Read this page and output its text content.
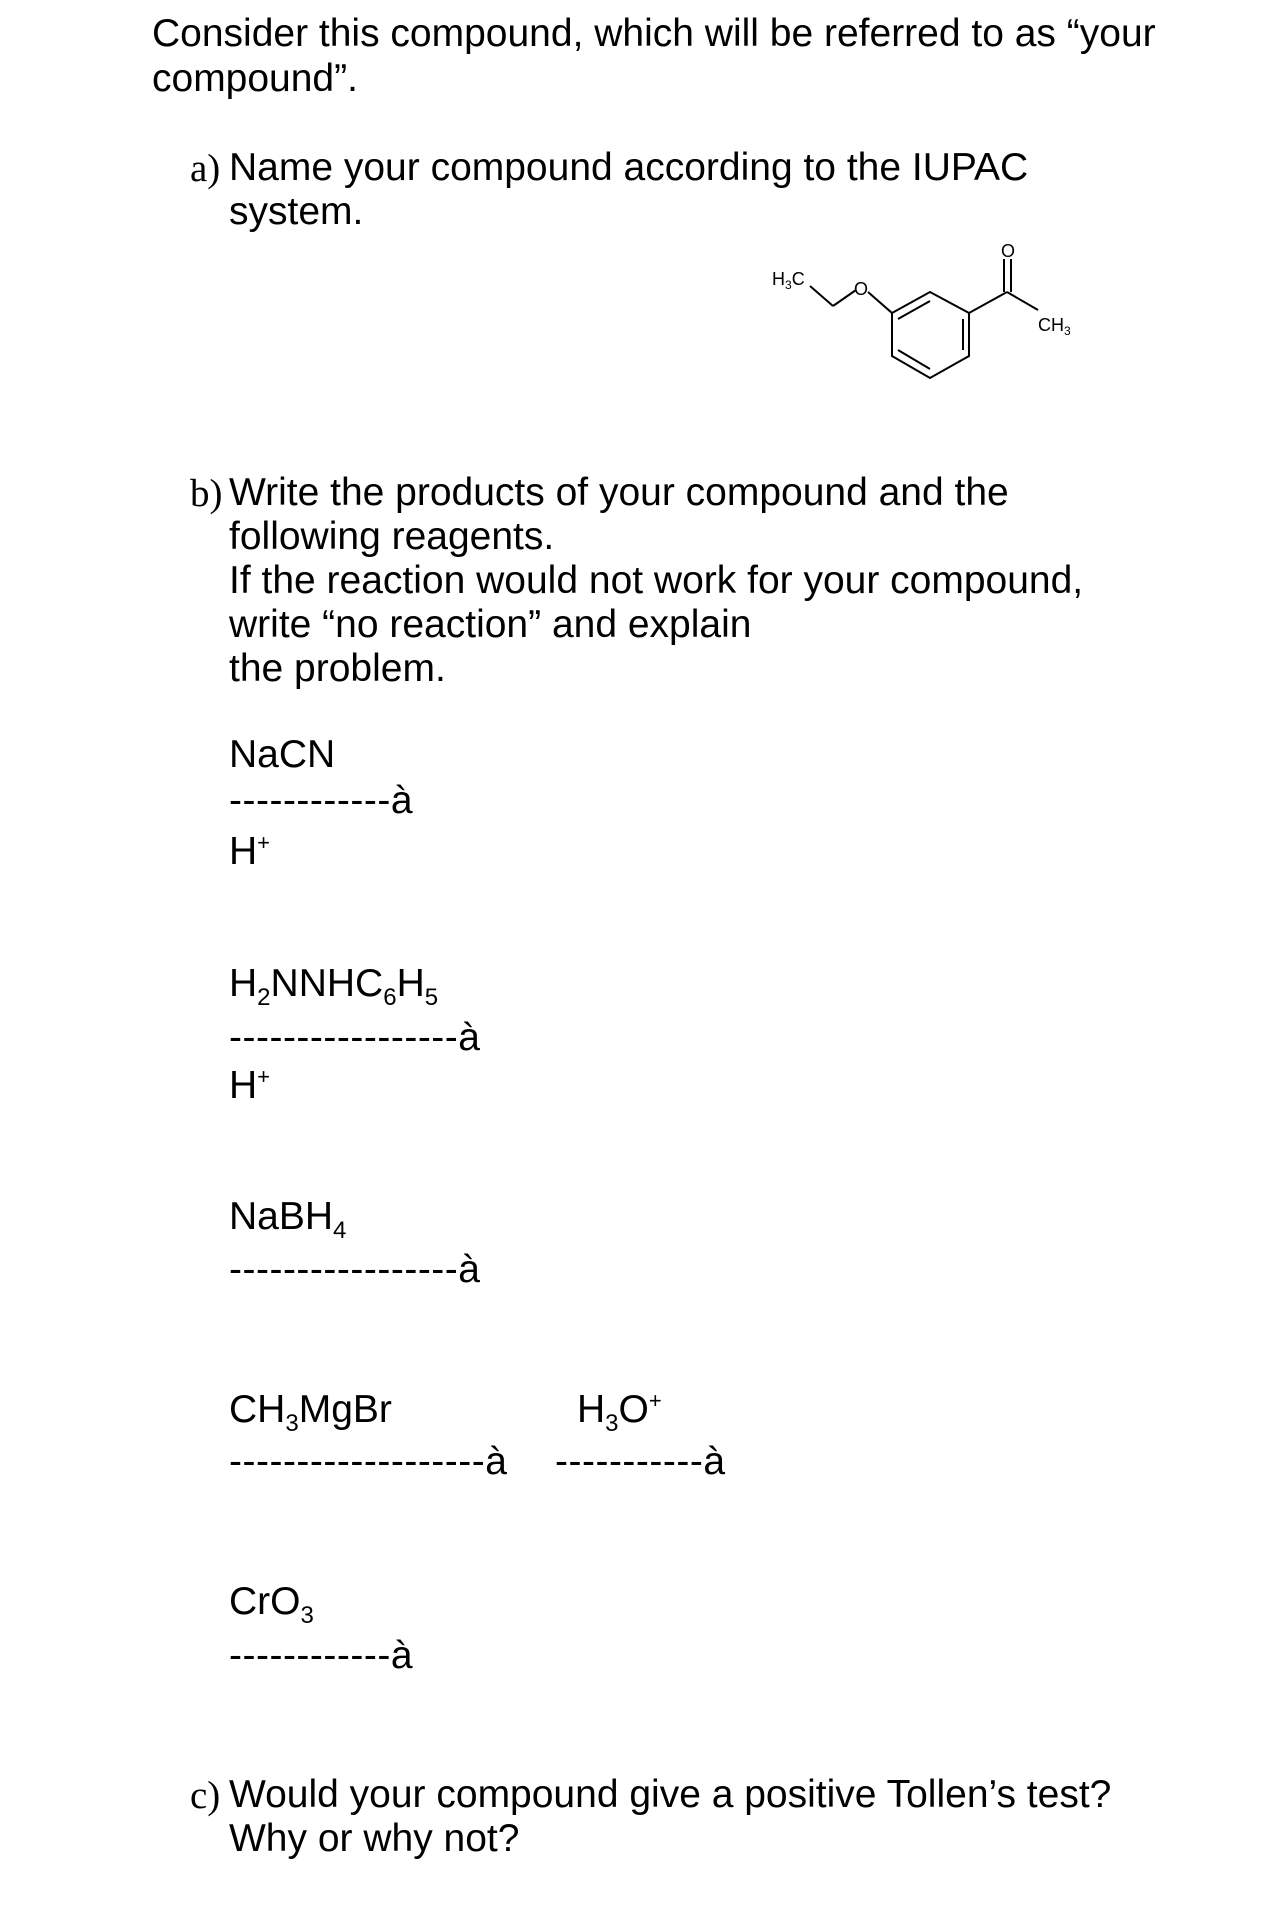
Consider this compound, which will be referred to as “your
compound”.
a) Name your compound according to the IUPAC
system.
$H_3C$	O
O
$CH_3$
b) Write the products of your compound and the
following reagents.
If the reaction would not work for your compound,
write “no reaction” and explain
the problem.
NaCN
------------à
H+
$H_2NNHC_6H_5$
-----------------à
H+
NaBH$_4$
-----------------à
$CH_3MgBr$
-------------------à
$H_3O^+$
-----------à
CrO$_3$
------------à
c) Would your compound give a positive Tollen’s test?
Why or why not?
